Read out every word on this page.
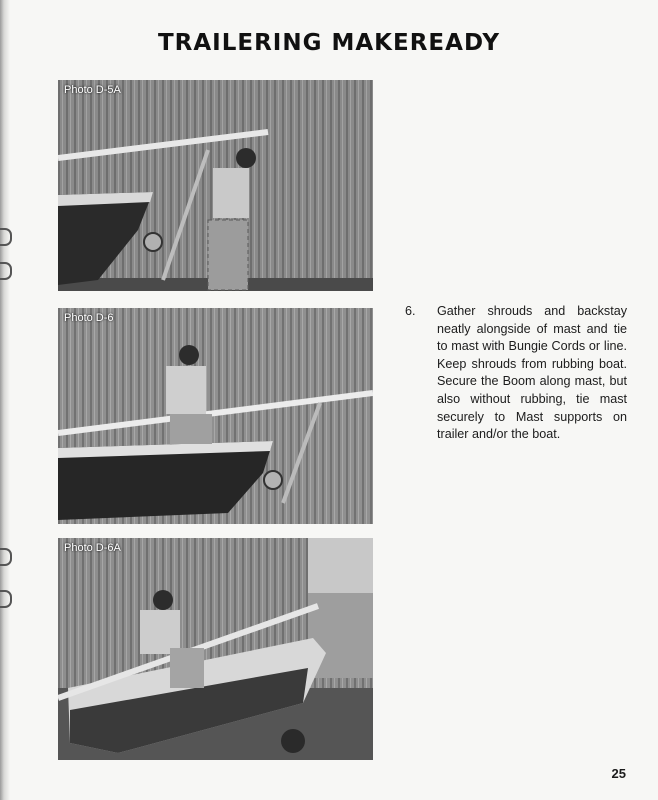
TRAILERING MAKEREADY
Photo D-5A
Photo D-6
Photo D-6A
6. Gather shrouds and backstay neatly alongside of mast and tie to mast with Bungie Cords or line. Keep shrouds from rubbing boat. Secure the Boom along mast, but also without rubbing, tie mast securely to Mast supports on trailer and/or the boat.
25
